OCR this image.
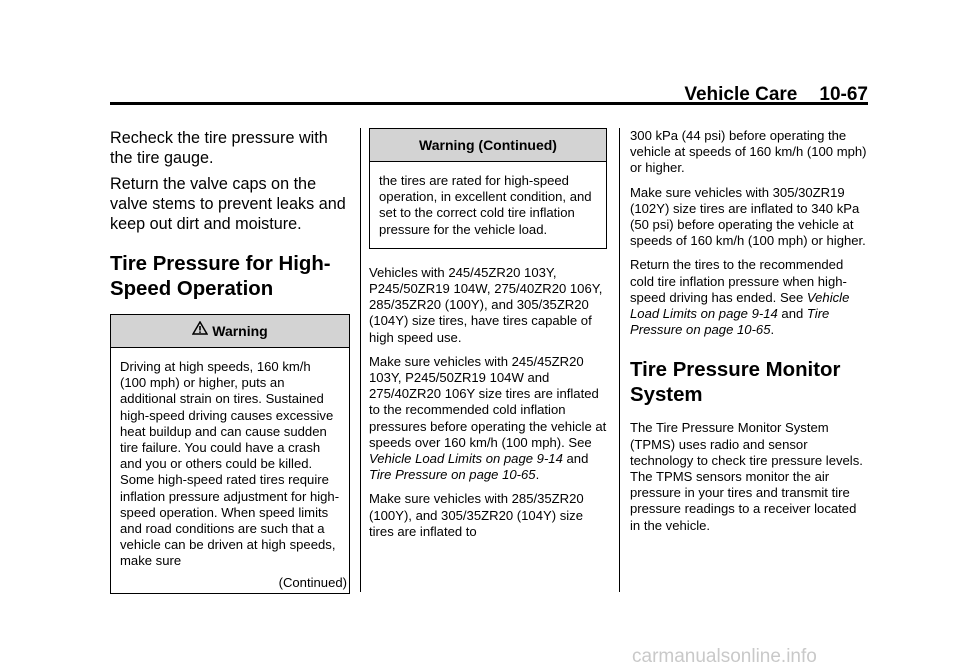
Vehicle Care 10-67

Recheck the tire pressure with the tire gauge.

Return the valve caps on the valve stems to prevent leaks and keep out dirt and moisture.

Tire Pressure for High-Speed Operation
Warning

Driving at high speeds, 160 km/h (100 mph) or higher, puts an additional strain on tires. Sustained high-speed driving causes excessive heat buildup and can cause sudden tire failure. You could have a crash and you or others could be killed. Some high-speed rated tires require inflation pressure adjustment for high-speed operation. When speed limits and road conditions are such that a vehicle can be driven at high speeds, make sure

(Continued)
Warning (Continued)

the tires are rated for high-speed operation, in excellent condition, and set to the correct cold tire inflation pressure for the vehicle load.

Vehicles with 245/45ZR20 103Y, P245/50ZR19 104W, 275/40ZR20 106Y, 285/35ZR20 (100Y), and 305/35ZR20 (104Y) size tires, have tires capable of high speed use.

Make sure vehicles with 245/45ZR20 103Y, P245/50ZR19 104W and 275/40ZR20 106Y size tires are inflated to the recommended cold inflation pressures before operating the vehicle at speeds over 160 km/h (100 mph). See Vehicle Load Limits on page 9-14 and Tire Pressure on page 10-65.

Make sure vehicles with 285/35ZR20 (100Y), and 305/35ZR20 (104Y) size tires are inflated to

300 kPa (44 psi) before operating the vehicle at speeds of 160 km/h (100 mph) or higher.

Make sure vehicles with 305/30ZR19 (102Y) size tires are inflated to 340 kPa (50 psi) before operating the vehicle at speeds of 160 km/h (100 mph) or higher.

Return the tires to the recommended cold tire inflation pressure when high-speed driving has ended. See Vehicle Load Limits on page 9-14 and Tire Pressure on page 10-65.

Tire Pressure Monitor System

The Tire Pressure Monitor System (TPMS) uses radio and sensor technology to check tire pressure levels. The TPMS sensors monitor the air pressure in your tires and transmit tire pressure readings to a receiver located in the vehicle.

carmanualsonline.info
